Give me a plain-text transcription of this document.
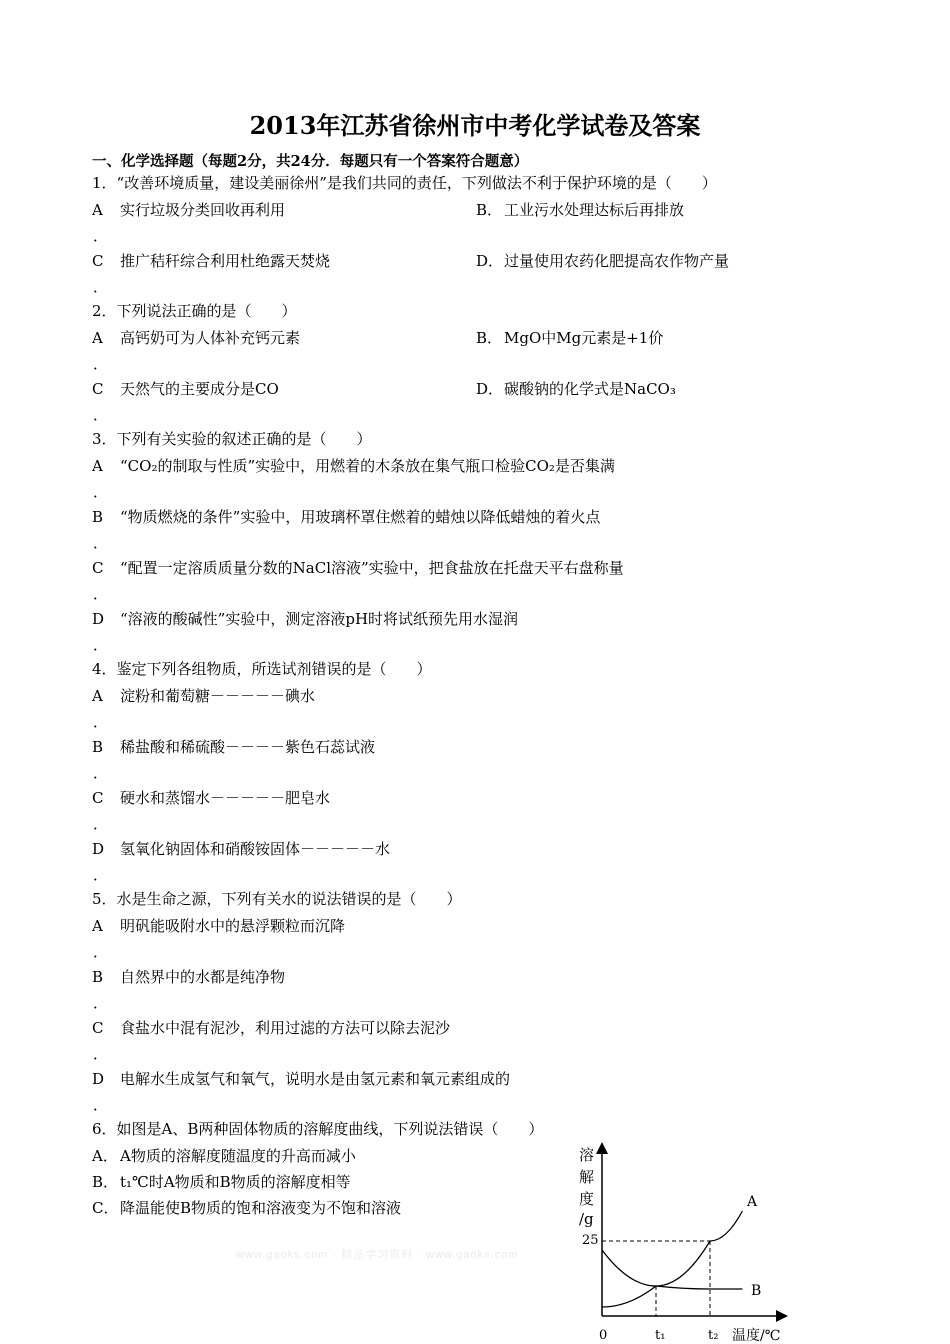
2013年江苏省徐州市中考化学试卷及答案
一、化学选择题（每题2分，共24分．每题只有一个答案符合题意）
1．“改善环境质量，建设美丽徐州”是我们共同的责任，下列做法不利于保护环境的是（　　）
A 实行垃圾分类回收再利用
．
B． 工业污水处理达标后再排放
C 推广秸秆综合利用杜绝露天焚烧
．
D．过量使用农药化肥提高农作物产量
2．下列说法正确的是（　　）
A 高钙奶可为人体补充钙元素
．
B． MgO中Mg元素是+1价
C 天然气的主要成分是CO
．
D．碳酸钠的化学式是NaCO₃
3．下列有关实验的叙述正确的是（　　）
A “CO₂的制取与性质”实验中，用燃着的木条放在集气瓶口检验CO₂是否集满
．
B “物质燃烧的条件”实验中，用玻璃杯罩住燃着的蜡烛以降低蜡烛的着火点
．
C “配置一定溶质质量分数的NaCl溶液”实验中，把食盐放在托盘天平右盘称量
．
D “溶液的酸碱性”实验中，测定溶液pH时将试纸预先用水湿润
．
4．鉴定下列各组物质，所选试剂错误的是（　　）
A 淀粉和葡萄糖－－－－－碘水
．
B 稀盐酸和稀硫酸－－－－紫色石蕊试液
．
C 硬水和蒸馏水－－－－－肥皂水
．
D 氢氧化钠固体和硝酸铵固体－－－－－水
．
5．水是生命之源，下列有关水的说法错误的是（　　）
A 明矾能吸附水中的悬浮颗粒而沉降
．
B 自然界中的水都是纯净物
．
C 食盐水中混有泥沙，利用过滤的方法可以除去泥沙
．
D 电解水生成氢气和氧气，说明水是由氢元素和氧元素组成的
．
6．如图是A、B两种固体物质的溶解度曲线，下列说法错误（　　）
A． A物质的溶解度随温度的升高而减小
B． t₁℃时A物质和B物质的溶解度相等
C． 降温能使B物质的饱和溶液变为不饱和溶液
www.gaoks.com · 精品学习资料 · www.gaoks.com
溶
解
度
/g
25
0	t₁	t₂ 温度/℃
A
B
